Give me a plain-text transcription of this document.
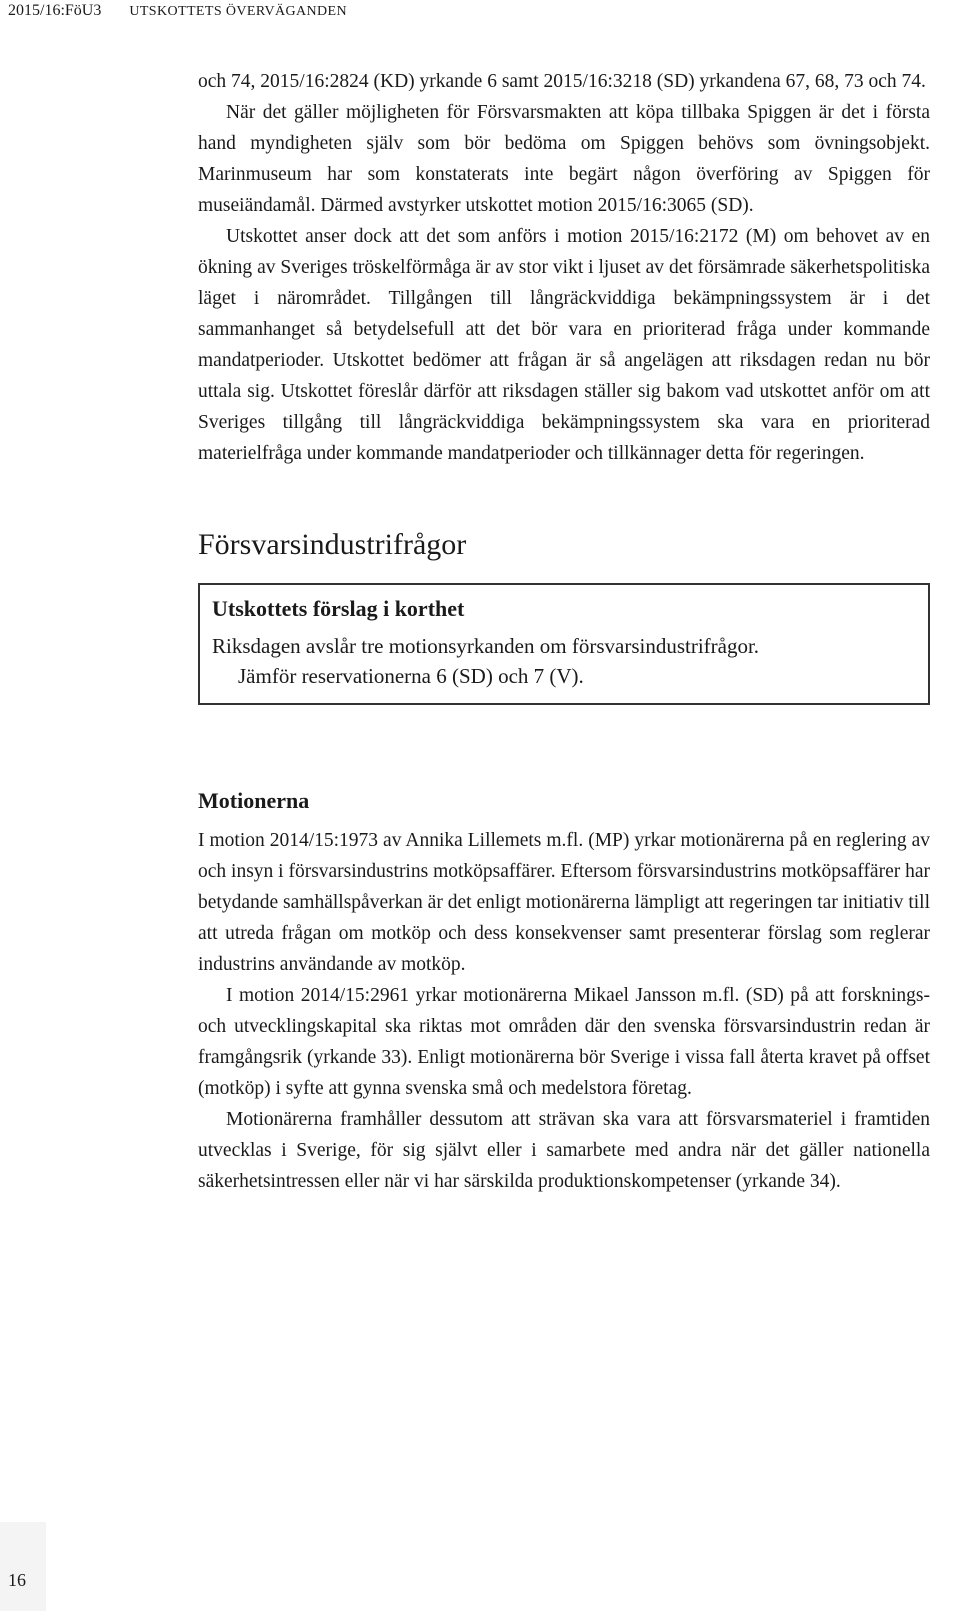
2015/16:FöU3 UTSKOTTETS ÖVERVÄGANDEN

och 74, 2015/16:2824 (KD) yrkande 6 samt 2015/16:3218 (SD) yrkandena 67, 68, 73 och 74.

När det gäller möjligheten för Försvarsmakten att köpa tillbaka Spiggen är det i första hand myndigheten själv som bör bedöma om Spiggen behövs som övningsobjekt. Marinmuseum har som konstaterats inte begärt någon överföring av Spiggen för museiändamål. Därmed avstyrker utskottet motion 2015/16:3065 (SD).

Utskottet anser dock att det som anförs i motion 2015/16:2172 (M) om behovet av en ökning av Sveriges tröskelförmåga är av stor vikt i ljuset av det försämrade säkerhetspolitiska läget i närområdet. Tillgången till långräckviddiga bekämpningssystem är i det sammanhanget så betydelsefull att det bör vara en prioriterad fråga under kommande mandatperioder. Utskottet bedömer att frågan är så angelägen att riksdagen redan nu bör uttala sig. Utskottet föreslår därför att riksdagen ställer sig bakom vad utskottet anför om att Sveriges tillgång till långräckviddiga bekämpningssystem ska vara en prioriterad materielfråga under kommande mandatperioder och tillkännager detta för regeringen.

Försvarsindustrifrågor

Utskottets förslag i korthet

Riksdagen avslår tre motionsyrkanden om försvarsindustrifrågor.

Jämför reservationerna 6 (SD) och 7 (V).

Motionerna

I motion 2014/15:1973 av Annika Lillemets m.fl. (MP) yrkar motionärerna på en reglering av och insyn i försvarsindustrins motköpsaffärer. Eftersom försvarsindustrins motköpsaffärer har betydande samhällspåverkan är det enligt motionärerna lämpligt att regeringen tar initiativ till att utreda frågan om motköp och dess konsekvenser samt presenterar förslag som reglerar industrins användande av motköp.

I motion 2014/15:2961 yrkar motionärerna Mikael Jansson m.fl. (SD) på att forsknings- och utvecklingskapital ska riktas mot områden där den svenska försvarsindustrin redan är framgångsrik (yrkande 33). Enligt motionärerna bör Sverige i vissa fall återta kravet på offset (motköp) i syfte att gynna svenska små och medelstora företag.

Motionärerna framhåller dessutom att strävan ska vara att försvarsmateriel i framtiden utvecklas i Sverige, för sig självt eller i samarbete med andra när det gäller nationella säkerhetsintressen eller när vi har särskilda produktionskompetenser (yrkande 34).

16
